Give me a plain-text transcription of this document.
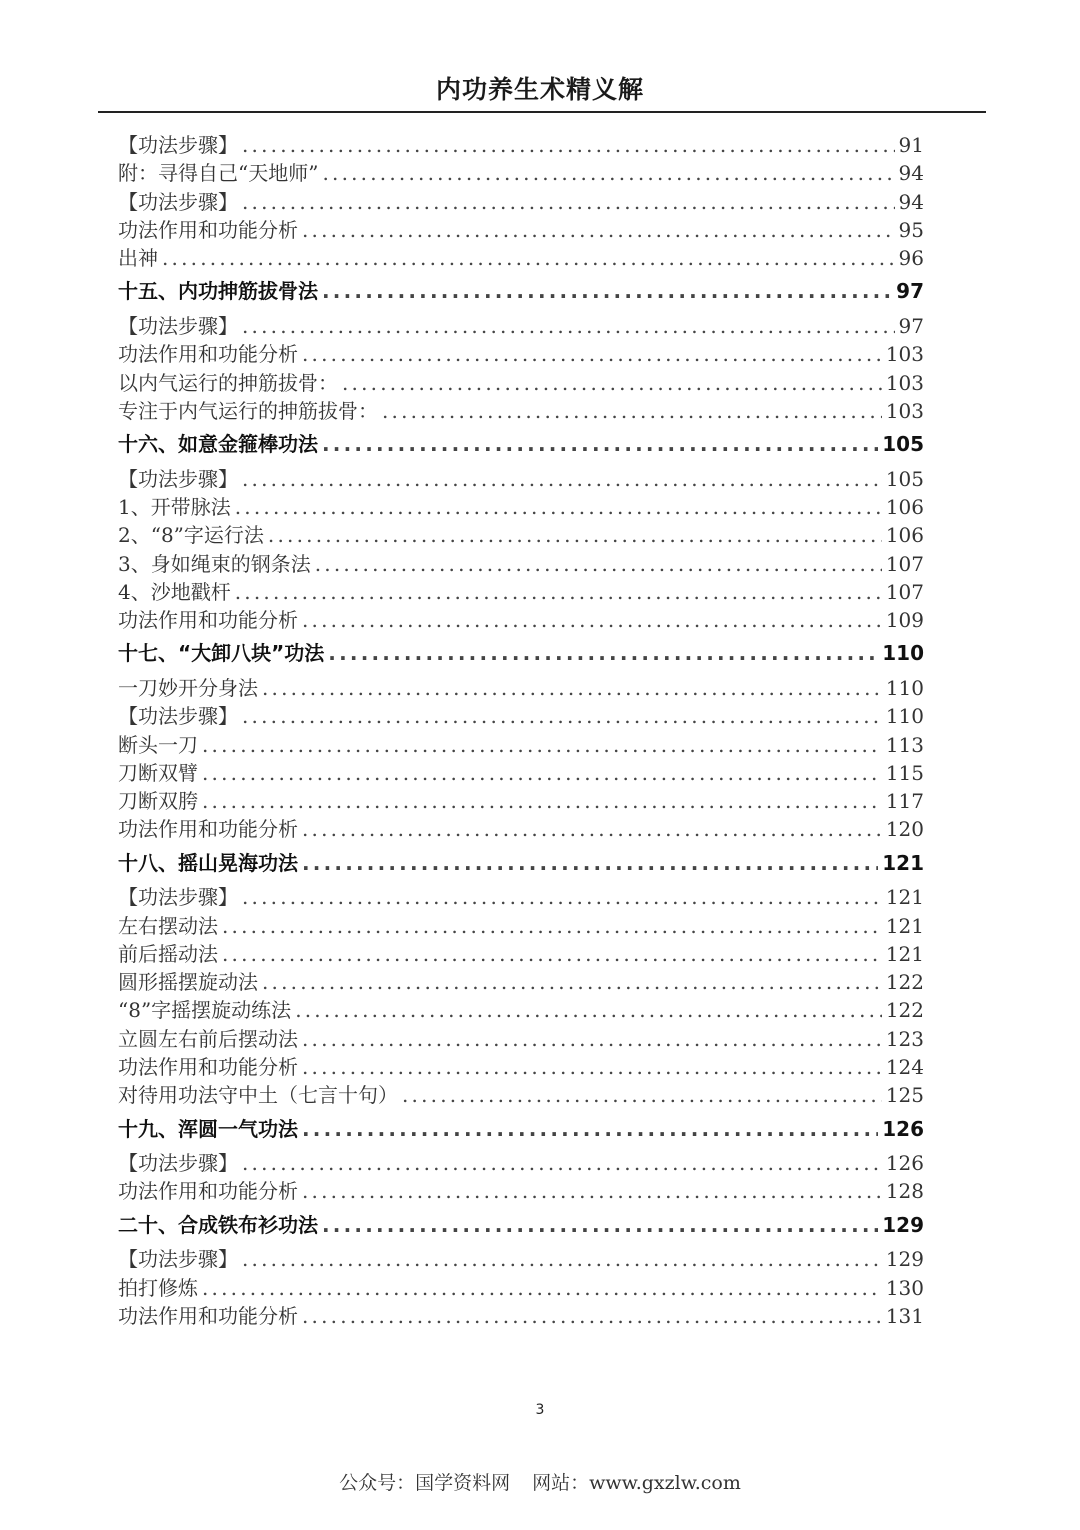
内功养生术精义解
【功法步骤】 .....	91
附：寻得自己“天地师” .....	94
【功法步骤】 .....	94
功法作用和功能分析 .....	95
出神 .....	96
十五、内功抻筋拔骨法 .....	97
【功法步骤】 .....	97
功法作用和功能分析 .....	103
以内气运行的抻筋拔骨： .....	103
专注于内气运行的抻筋拔骨： .....	103
十六、如意金箍棒功法 .....	105
【功法步骤】 .....	105
1、开带脉法 .....	106
2、“8”字运行法 .....	106
3、身如绳束的钢条法 .....	107
4、沙地戳杆 .....	107
功法作用和功能分析 .....	109
十七、“大卸八块”功法 .....	110
一刀妙开分身法 .....	110
【功法步骤】 .....	110
断头一刀 .....	113
刀断双臂 .....	115
刀断双胯 .....	117
功法作用和功能分析 .....	120
十八、摇山晃海功法 .....	121
【功法步骤】 .....	121
左右摆动法 .....	121
前后摇动法 .....	121
圆形摇摆旋动法 .....	122
“8”字摇摆旋动练法 .....	122
立圆左右前后摆动法 .....	123
功法作用和功能分析 .....	124
对待用功法守中土（七言十句） .....	125
十九、浑圆一气功法 .....	126
【功法步骤】 .....	126
功法作用和功能分析 .....	128
二十、合成铁布衫功法 .....	129
【功法步骤】 .....	129
拍打修炼 .....	130
功法作用和功能分析 .....	131
3
公众号：国学资料网 网站：www.gxzlw.com
